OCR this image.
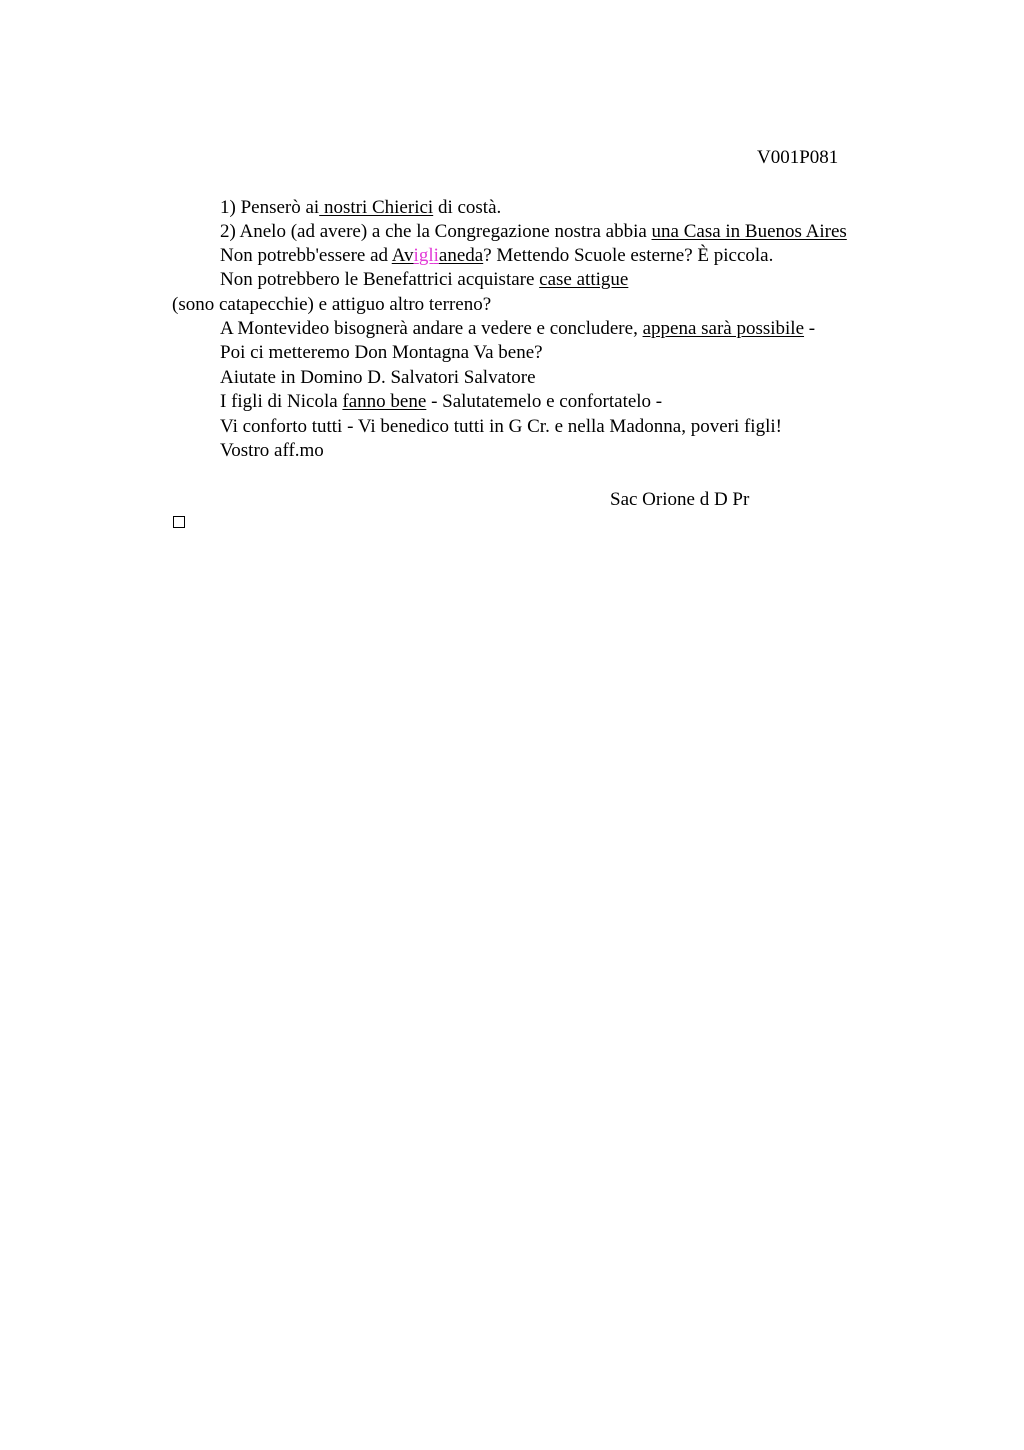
V001P081
1) Penserò ai nostri Chierici di costà.
2) Anelo (ad avere) a che la Congregazione nostra abbia una Casa in Buenos Aires
Non potrebb'essere ad Aviglianeda? Mettendo Scuole esterne? È piccola.
Non potrebbero le Benefattrici acquistare case attigue
(sono catapecchie) e attiguo altro terreno?
A Montevideo bisognerà andare a vedere e concludere, appena sarà possibile -
Poi ci metteremo Don Montagna Va bene?
Aiutate in Domino D. Salvatori Salvatore
I figli di Nicola fanno bene - Salutatemelo e confortatelo -
Vi conforto tutti - Vi benedico tutti in G Cr. e nella Madonna, poveri figli!
Vostro aff.mo
Sac Orione d D Pr
